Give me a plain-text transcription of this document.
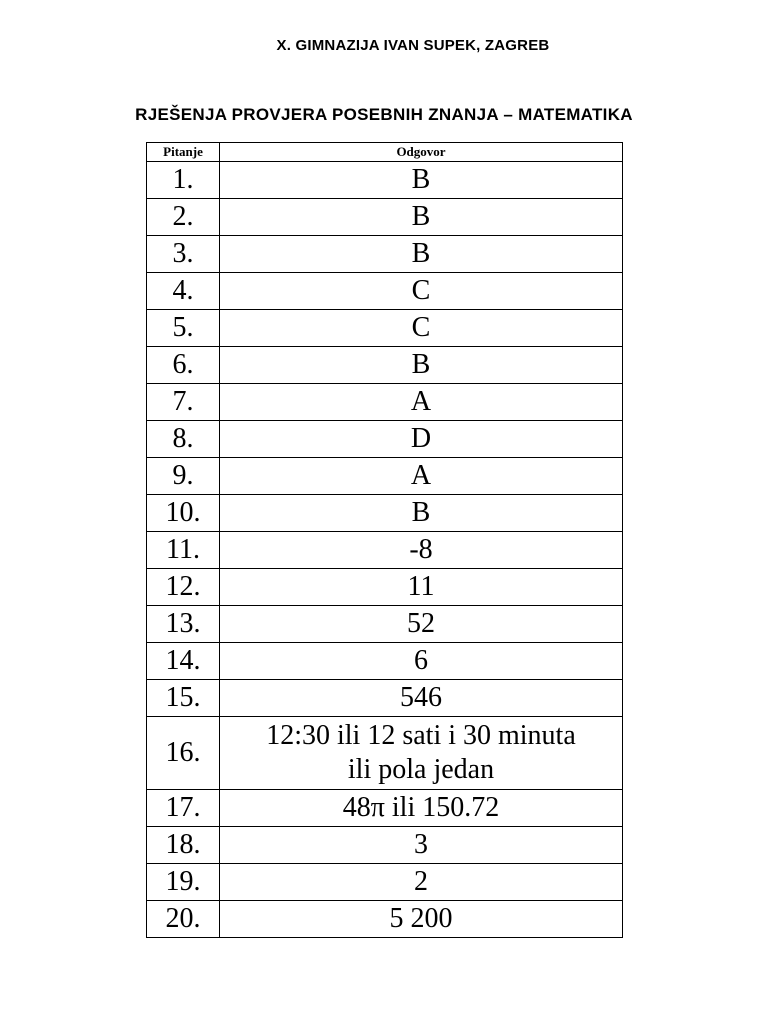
X. GIMNAZIJA IVAN SUPEK, ZAGREB
RJEŠENJA PROVJERA POSEBNIH ZNANJA – MATEMATIKA
Pitanje	Odgovor
1.	B
2.	B
3.	B
4.	C
5.	C
6.	B
7.	A
8.	D
9.	A
10.	B
11.	-8
12.	11
13.	52
14.	6
15.	546
16.	12:30 ili 12 sati i 30 minuta
ili pola jedan

17.	48π ili 150.72
18.	3
19.	2
20.	5 200
